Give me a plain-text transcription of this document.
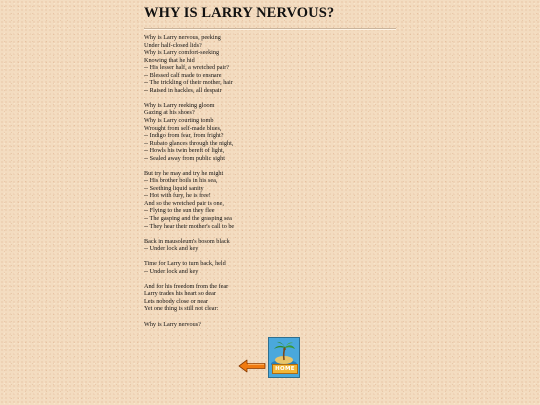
WHY IS LARRY NERVOUS?
Why is Larry nervous, peeking
Under half-closed lids?
Why is Larry comfort-seeking
Knowing that he hid
-- His lesser half, a wretched pair?
-- Blessed calf made to ensnare
-- The trickling of their mother, hair
-- Raised in hackles, all despair
Why is Larry reeking gloom
Gazing at his shoes?
Why is Larry courting tomb
Wrought from self-made blues,
-- Indigo from fear, from fright?
-- Rubato glances through the night,
-- Howls his twin bereft of light,
-- Sealed away from public sight
But try he may and try he might
-- His brother boils in his sea,
-- Seething liquid sanity
-- Hot with fury, he is free!
And so the wretched pair is one,
-- Flying to the sun they flee
-- The gasping and the grasping sea
-- They hear their mother's call to be
Back in mausoleum's bosom black
-- Under lock and key
Time for Larry to turn back, held
-- Under lock and key
And for his freedom from the fear
Larry trades his heart so dear
Lets nobody close or near
Yet one thing is still not clear:
Why is Larry nervous?
HOME
